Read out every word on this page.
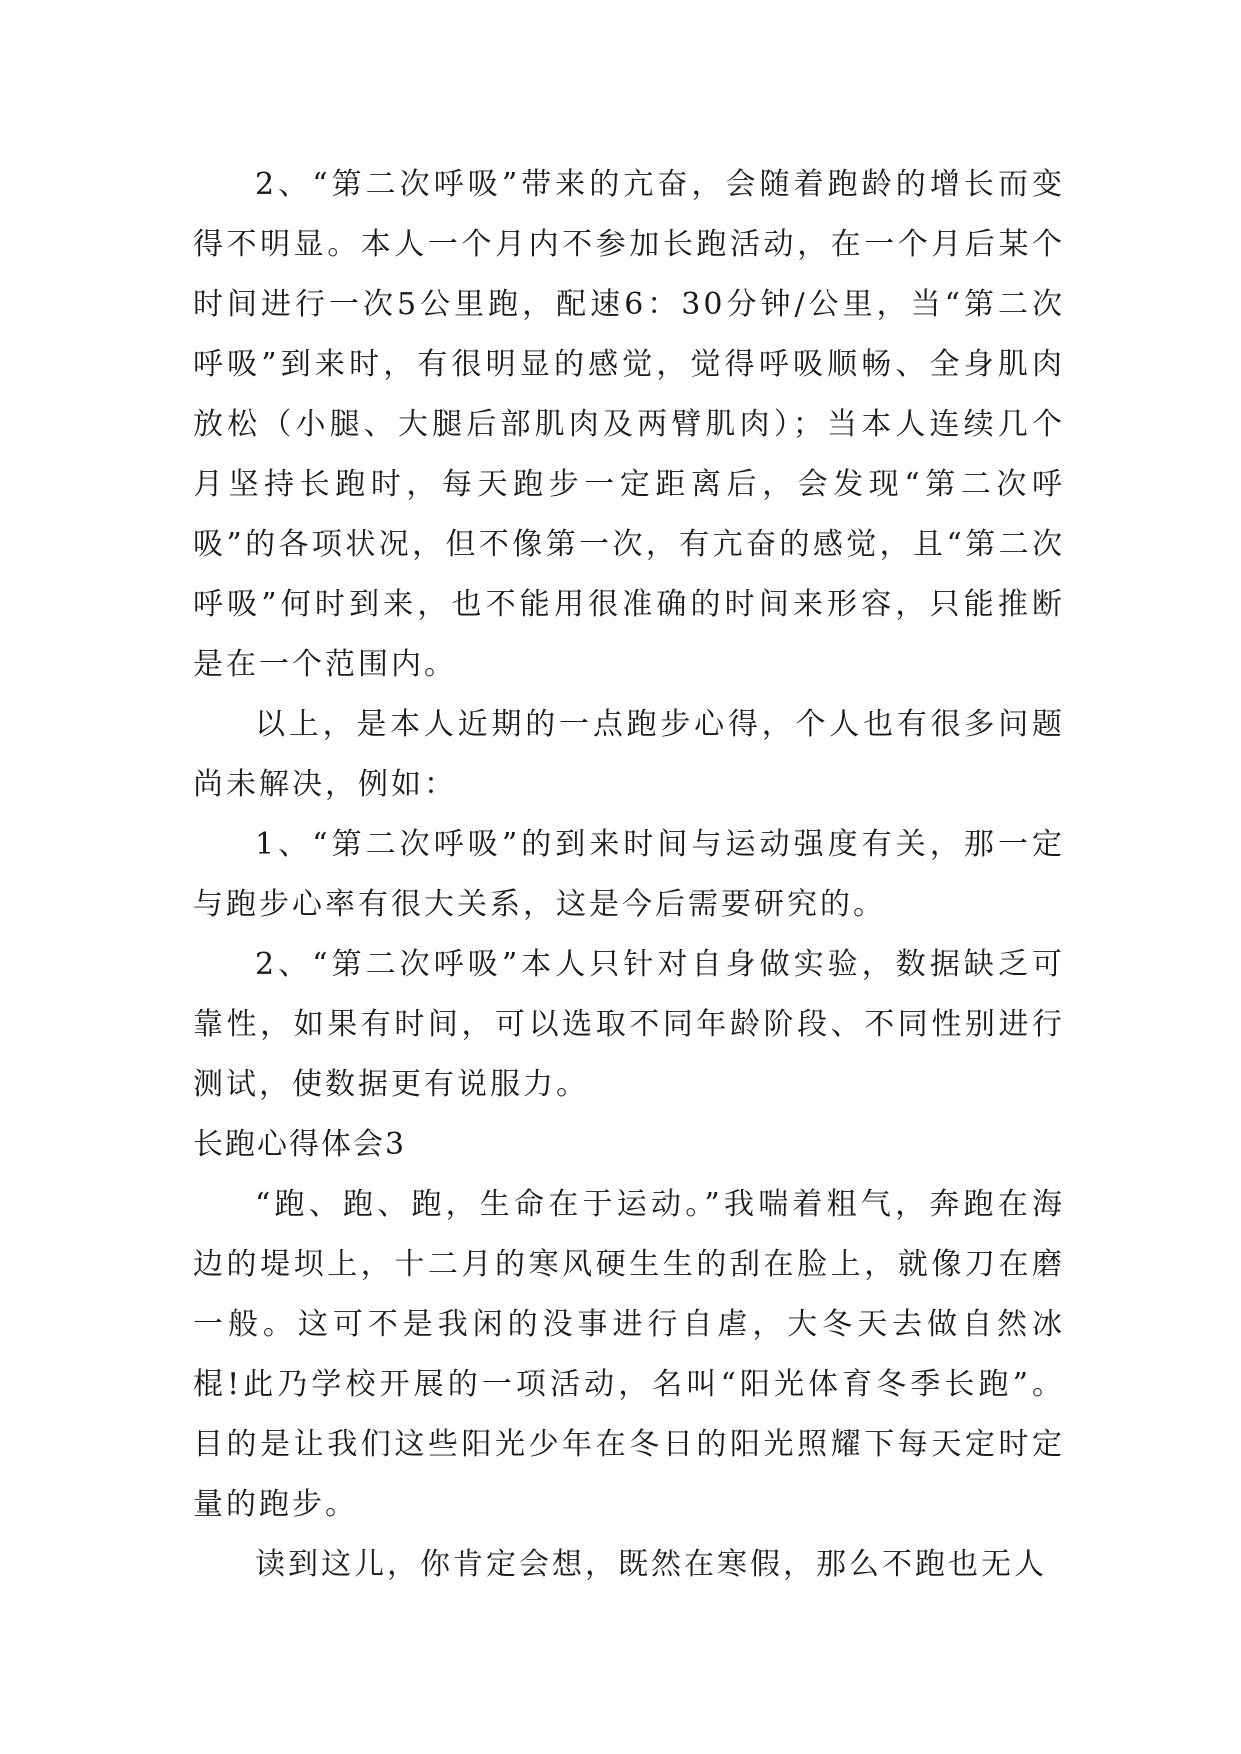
2、“第二次呼吸”带来的亢奋，会随着跑龄的增长而变得不明显。本人一个月内不参加长跑活动，在一个月后某个时间进行一次5公里跑，配速6：30分钟/公里，当“第二次呼吸”到来时，有很明显的感觉，觉得呼吸顺畅、全身肌肉放松（小腿、大腿后部肌肉及两臂肌肉）；当本人连续几个月坚持长跑时，每天跑步一定距离后，会发现“第二次呼吸”的各项状况，但不像第一次，有亢奋的感觉，且“第二次呼吸”何时到来，也不能用很准确的时间来形容，只能推断是在一个范围内。

以上，是本人近期的一点跑步心得，个人也有很多问题尚未解决，例如：

1、“第二次呼吸”的到来时间与运动强度有关，那一定与跑步心率有很大关系，这是今后需要研究的。

2、“第二次呼吸”本人只针对自身做实验，数据缺乏可靠性，如果有时间，可以选取不同年龄阶段、不同性别进行测试，使数据更有说服力。

长跑心得体会3

“跑、跑、跑，生命在于运动。”我喘着粗气，奔跑在海边的堤坝上，十二月的寒风硬生生的刮在脸上，就像刀在磨一般。这可不是我闲的没事进行自虐，大冬天去做自然冰棍!此乃学校开展的一项活动，名叫“阳光体育冬季长跑”。目的是让我们这些阳光少年在冬日的阳光照耀下每天定时定量的跑步。

读到这儿，你肯定会想，既然在寒假，那么不跑也无人
